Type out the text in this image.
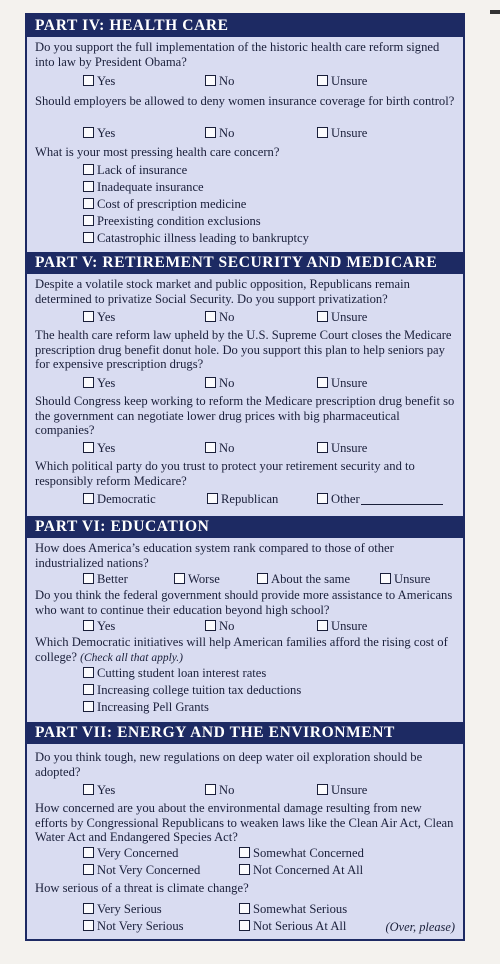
PART IV: HEALTH CARE
Do you support the full implementation of the historic health care reform signed into law by President Obama?
Yes	No	Unsure
Should employers be allowed to deny women insurance coverage for birth control?
Yes	No	Unsure
What is your most pressing health care concern?
Lack of insurance
Inadequate insurance
Cost of prescription medicine
Preexisting condition exclusions
Catastrophic illness leading to bankruptcy
PART V: RETIREMENT SECURITY AND MEDICARE
Despite a volatile stock market and public opposition, Republicans remain determined to privatize Social Security. Do you support privatization?
Yes	No	Unsure
The health care reform law upheld by the U.S. Supreme Court closes the Medicare prescription drug benefit donut hole. Do you support this plan to help seniors pay for expensive prescription drugs?
Yes	No	Unsure
Should Congress keep working to reform the Medicare prescription drug benefit so the government can negotiate lower drug prices with big pharmaceutical companies?
Yes	No	Unsure
Which political party do you trust to protect your retirement security and to responsibly reform Medicare?
Democratic	Republican	Other
PART VI: EDUCATION
How does America’s education system rank compared to those of other industrialized nations?
Better	Worse	About the same	Unsure
Do you think the federal government should provide more assistance to Americans who want to continue their education beyond high school?
Yes	No	Unsure
Which Democratic initiatives will help American families afford the rising cost of college? (Check all that apply.)
Cutting student loan interest rates
Increasing college tuition tax deductions
Increasing Pell Grants
PART VII: ENERGY AND THE ENVIRONMENT
Do you think tough, new regulations on deep water oil exploration should be adopted?
Yes	No	Unsure
How concerned are you about the environmental damage resulting from new efforts by Congressional Republicans to weaken laws like the Clean Air Act, Clean Water Act and Endangered Species Act?
Very Concerned	Somewhat Concerned
Not Very Concerned	Not Concerned At All
How serious of a threat is climate change?
Very Serious	Somewhat Serious
Not Very Serious	Not Serious At All	(Over, please)
